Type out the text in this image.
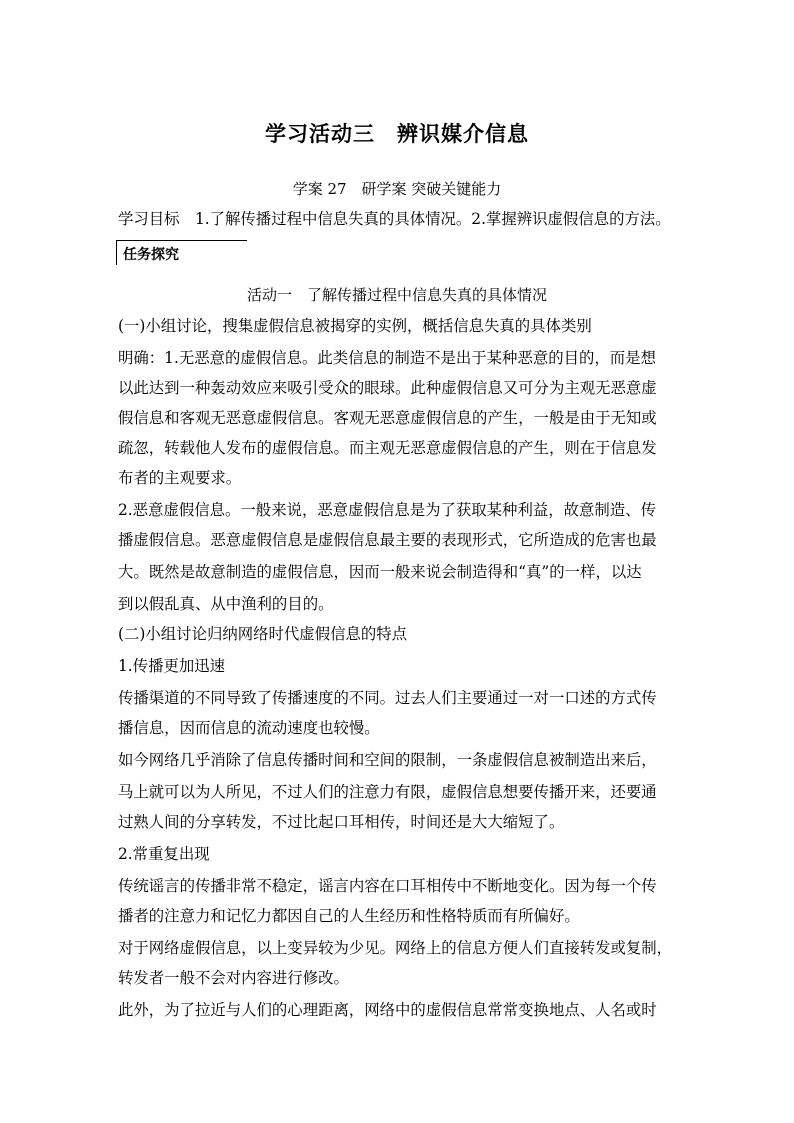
学习活动三　辨识媒介信息
学案 27　研学案 突破关键能力
学习目标　1.了解传播过程中信息失真的具体情况。2.掌握辨识虚假信息的方法。
任务探究
活动一　了解传播过程中信息失真的具体情况
(一)小组讨论，搜集虚假信息被揭穿的实例，概括信息失真的具体类别
明确：1.无恶意的虚假信息。此类信息的制造不是出于某种恶意的目的，而是想
以此达到一种轰动效应来吸引受众的眼球。此种虚假信息又可分为主观无恶意虚
假信息和客观无恶意虚假信息。客观无恶意虚假信息的产生，一般是由于无知或
疏忽，转载他人发布的虚假信息。而主观无恶意虚假信息的产生，则在于信息发
布者的主观要求。
2.恶意虚假信息。一般来说，恶意虚假信息是为了获取某种利益，故意制造、传
播虚假信息。恶意虚假信息是虚假信息最主要的表现形式，它所造成的危害也最
大。既然是故意制造的虚假信息，因而一般来说会制造得和“真”的一样，以达
到以假乱真、从中渔利的目的。
(二)小组讨论归纳网络时代虚假信息的特点
1.传播更加迅速
传播渠道的不同导致了传播速度的不同。过去人们主要通过一对一口述的方式传
播信息，因而信息的流动速度也较慢。
如今网络几乎消除了信息传播时间和空间的限制，一条虚假信息被制造出来后，
马上就可以为人所见，不过人们的注意力有限，虚假信息想要传播开来，还要通
过熟人间的分享转发，不过比起口耳相传，时间还是大大缩短了。
2.常重复出现
传统谣言的传播非常不稳定，谣言内容在口耳相传中不断地变化。因为每一个传
播者的注意力和记忆力都因自己的人生经历和性格特质而有所偏好。
对于网络虚假信息，以上变异较为少见。网络上的信息方便人们直接转发或复制，
转发者一般不会对内容进行修改。
此外，为了拉近与人们的心理距离，网络中的虚假信息常常变换地点、人名或时
